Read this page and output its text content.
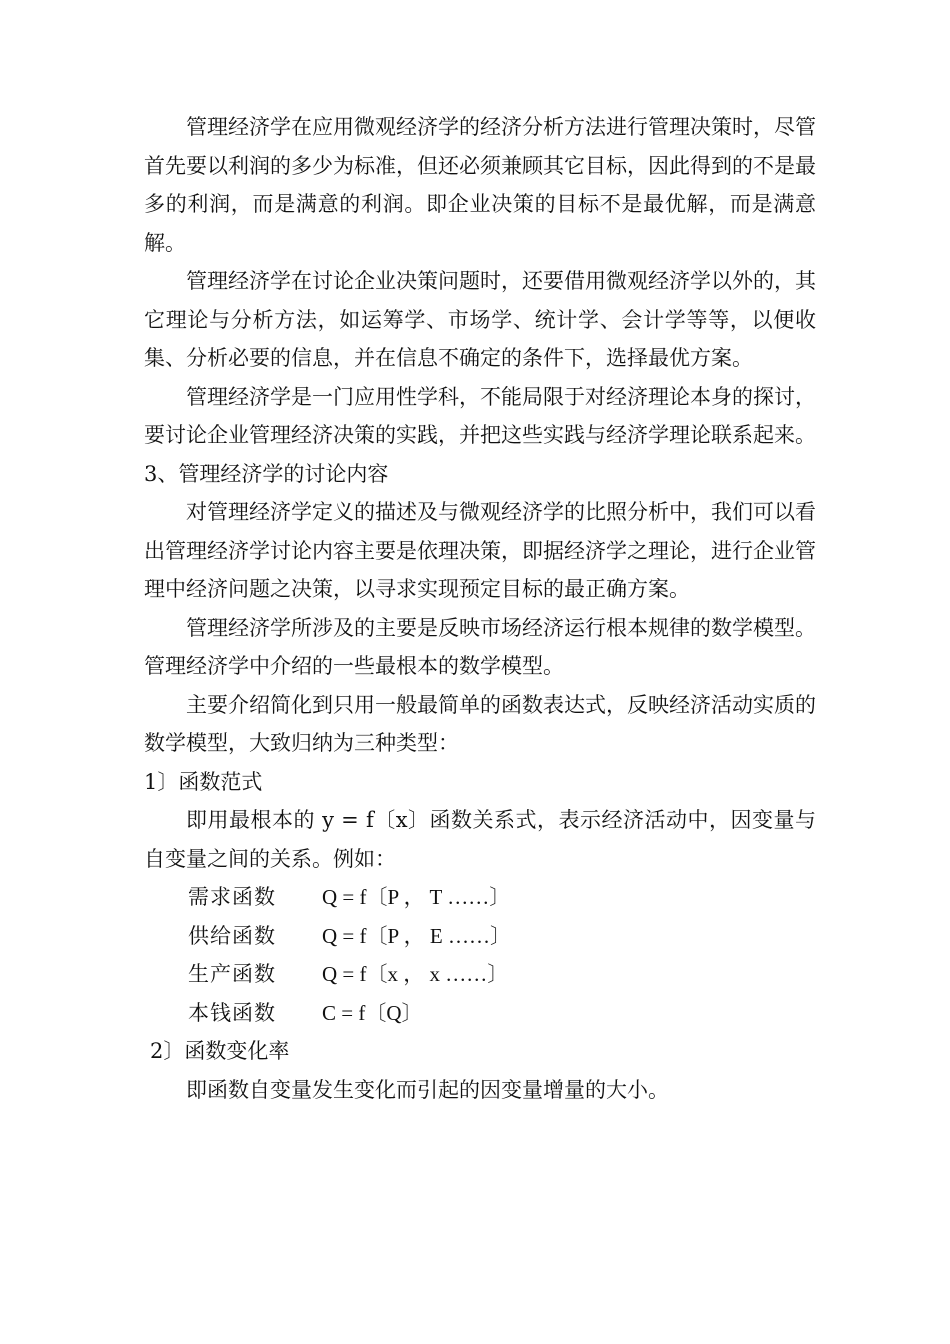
管理经济学在应用微观经济学的经济分析方法进行管理决策时，尽管首先要以利润的多少为标准，但还必须兼顾其它目标，因此得到的不是最多的利润，而是满意的利润。即企业决策的目标不是最优解，而是满意解。

管理经济学在讨论企业决策问题时，还要借用微观经济学以外的，其它理论与分析方法，如运筹学、市场学、统计学、会计学等等，以便收集、分析必要的信息，并在信息不确定的条件下，选择最优方案。

管理经济学是一门应用性学科，不能局限于对经济理论本身的探讨，要讨论企业管理经济决策的实践，并把这些实践与经济学理论联系起来。

3、管理经济学的讨论内容

对管理经济学定义的描述及与微观经济学的比照分析中，我们可以看出管理经济学讨论内容主要是依理决策，即据经济学之理论，进行企业管理中经济问题之决策，以寻求实现预定目标的最正确方案。

管理经济学所涉及的主要是反映市场经济运行根本规律的数学模型。管理经济学中介绍的一些最根本的数学模型。

主要介绍简化到只用一般最简单的函数表达式，反映经济活动实质的数学模型，大致归纳为三种类型：

1〕函数范式

即用最根本的 y = f〔x〕函数关系式，表示经济活动中，因变量与自变量之间的关系。例如：

需求函数	Q = f〔P ， T ……〕
供给函数	Q = f〔P ， E ……〕
生产函数	Q = f〔x ， x ……〕
本钱函数	C = f〔Q〕

2〕函数变化率

即函数自变量发生变化而引起的因变量增量的大小。
